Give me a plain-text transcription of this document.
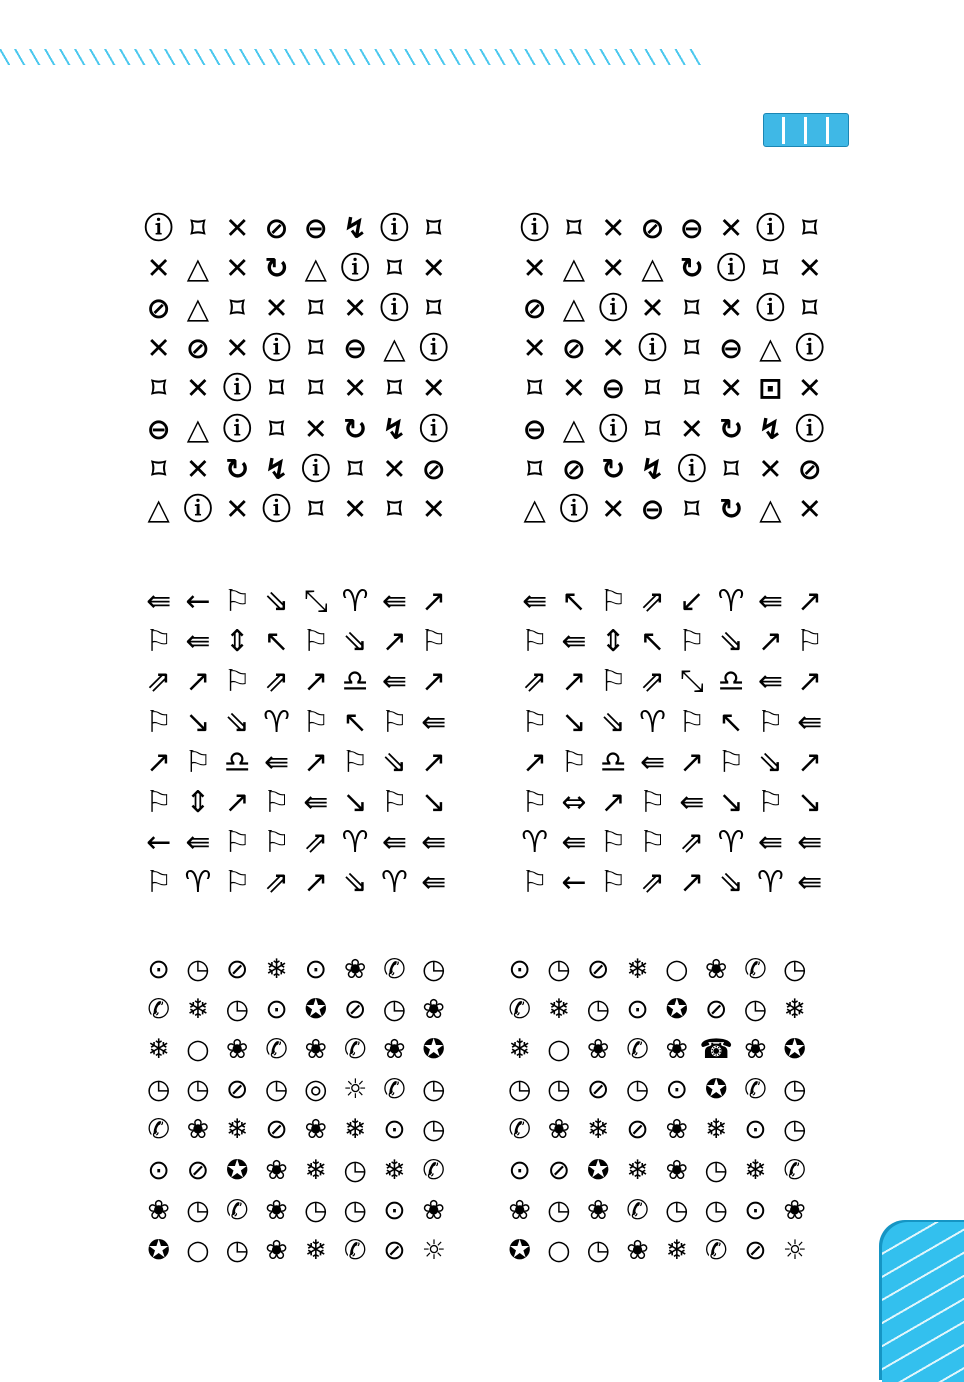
ⓘ ⌑ ✕ ⊘ ⊖ ↯ ⓘ ⌑
✕ △ ✕ ↻ △ ⓘ ⌑ ✕
⊘ △ ⌑ ✕ ⌑ ✕ ⓘ ⌑
✕ ⊘ ✕ ⓘ ⌑ ⊖ △ ⓘ
⌑ ✕ ⓘ ⌑ ⌑ ✕ ⌑ ✕
⊖ △ ⓘ ⌑ ✕ ↻ ↯ ⓘ
⌑ ✕ ↻ ↯ ⓘ ⌑ ✕ ⊘
△ ⓘ ✕ ⓘ ⌑ ✕ ⌑ ✕
ⓘ ⌑ ✕ ⊘ ⊖ ✕ ⓘ ⌑
✕ △ ✕ △ ↻ ⓘ ⌑ ✕
⊘ △ ⓘ ✕ ⌑ ✕ ⓘ ⌑
✕ ⊘ ✕ ⓘ ⌑ ⊖ △ ⓘ
⌑ ✕ ⊖ ⌑ ⌑ ✕ ⊡ ✕
⊖ △ ⓘ ⌑ ✕ ↻ ↯ ⓘ
⌑ ⊘ ↻ ↯ ⓘ ⌑ ✕ ⊘
△ ⓘ ✕ ⊖ ⌑ ↻ △ ✕
⇚ ← ⚐ ⇘ ⤡ ♈ ⇚ ↗
⚐ ⇚ ⇕ ↖ ⚐ ⇘ ↗ ⚐
⇗ ↗ ⚐ ⇗ ↗ ♎ ⇚ ↗
⚐ ↘ ⇘ ♈ ⚐ ↖ ⚐ ⇚
↗ ⚐ ♎ ⇚ ↗ ⚐ ⇘ ↗
⚐ ⇕ ↗ ⚐ ⇚ ↘ ⚐ ↘
← ⇚ ⚐ ⚐ ⇗ ♈ ⇚ ⇚
⚐ ♈ ⚐ ⇗ ↗ ⇘ ♈ ⇚
⇚ ↖ ⚐ ⇗ ↙ ♈ ⇚ ↗
⚐ ⇚ ⇕ ↖ ⚐ ⇘ ↗ ⚐
⇗ ↗ ⚐ ⇗ ⤡ ♎ ⇚ ↗
⚐ ↘ ⇘ ♈ ⚐ ↖ ⚐ ⇚
↗ ⚐ ♎ ⇚ ↗ ⚐ ⇘ ↗
⚐ ⇔ ↗ ⚐ ⇚ ↘ ⚐ ↘
♈ ⇚ ⚐ ⚐ ⇗ ♈ ⇚ ⇚
⚐ ← ⚐ ⇗ ↗ ⇘ ♈ ⇚
⊙ ◷ ⊘ ❄ ⊙ ❀ ✆ ◷
✆ ❄ ◷ ⊙ ✪ ⊘ ◷ ❀
❄ ○ ❀ ✆ ❀ ✆ ❀ ✪
◷ ◷ ⊘ ◷ ◎ ☼ ✆ ◷
✆ ❀ ❄ ⊘ ❀ ❄ ⊙ ◷
⊙ ⊘ ✪ ❀ ❄ ◷ ❄ ✆
❀ ◷ ✆ ❀ ◷ ◷ ⊙ ❀
✪ ○ ◷ ❀ ❄ ✆ ⊘ ☼
⊙ ◷ ⊘ ❄ ○ ❀ ✆ ◷
✆ ❄ ◷ ⊙ ✪ ⊘ ◷ ❄
❄ ○ ❀ ✆ ❀ ☎ ❀ ✪
◷ ◷ ⊘ ◷ ⊙ ✪ ✆ ◷
✆ ❀ ❄ ⊘ ❀ ❄ ⊙ ◷
⊙ ⊘ ✪ ❄ ❀ ◷ ❄ ✆
❀ ◷ ❀ ✆ ◷ ◷ ⊙ ❀
✪ ○ ◷ ❀ ❄ ✆ ⊘ ☼
